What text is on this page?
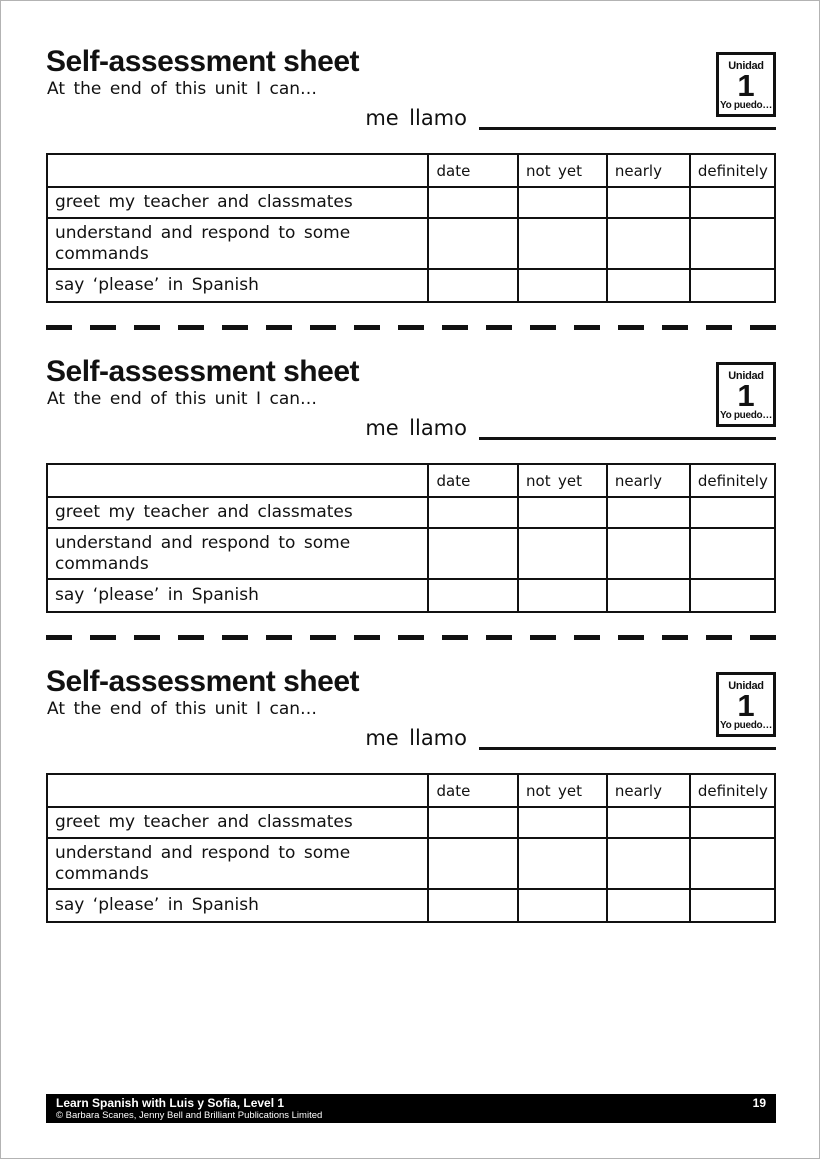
Self-assessment sheet

At the end of this unit I can…

Unidad
1
Yo puedo…
me llamo
	date	not yet	nearly	definitely
greet my teacher and classmates				
understand and respond to some commands				
say ‘please’ in Spanish				
Self-assessment sheet

At the end of this unit I can…

Unidad
1
Yo puedo…
me llamo
	date	not yet	nearly	definitely
greet my teacher and classmates				
understand and respond to some commands				
say ‘please’ in Spanish				
Self-assessment sheet

At the end of this unit I can…

Unidad
1
Yo puedo…
me llamo
	date	not yet	nearly	definitely
greet my teacher and classmates				
understand and respond to some commands				
say ‘please’ in Spanish				
Learn Spanish with Luis y Sofia, Level 1
© Barbara Scanes, Jenny Bell and Brilliant Publications Limited
19
